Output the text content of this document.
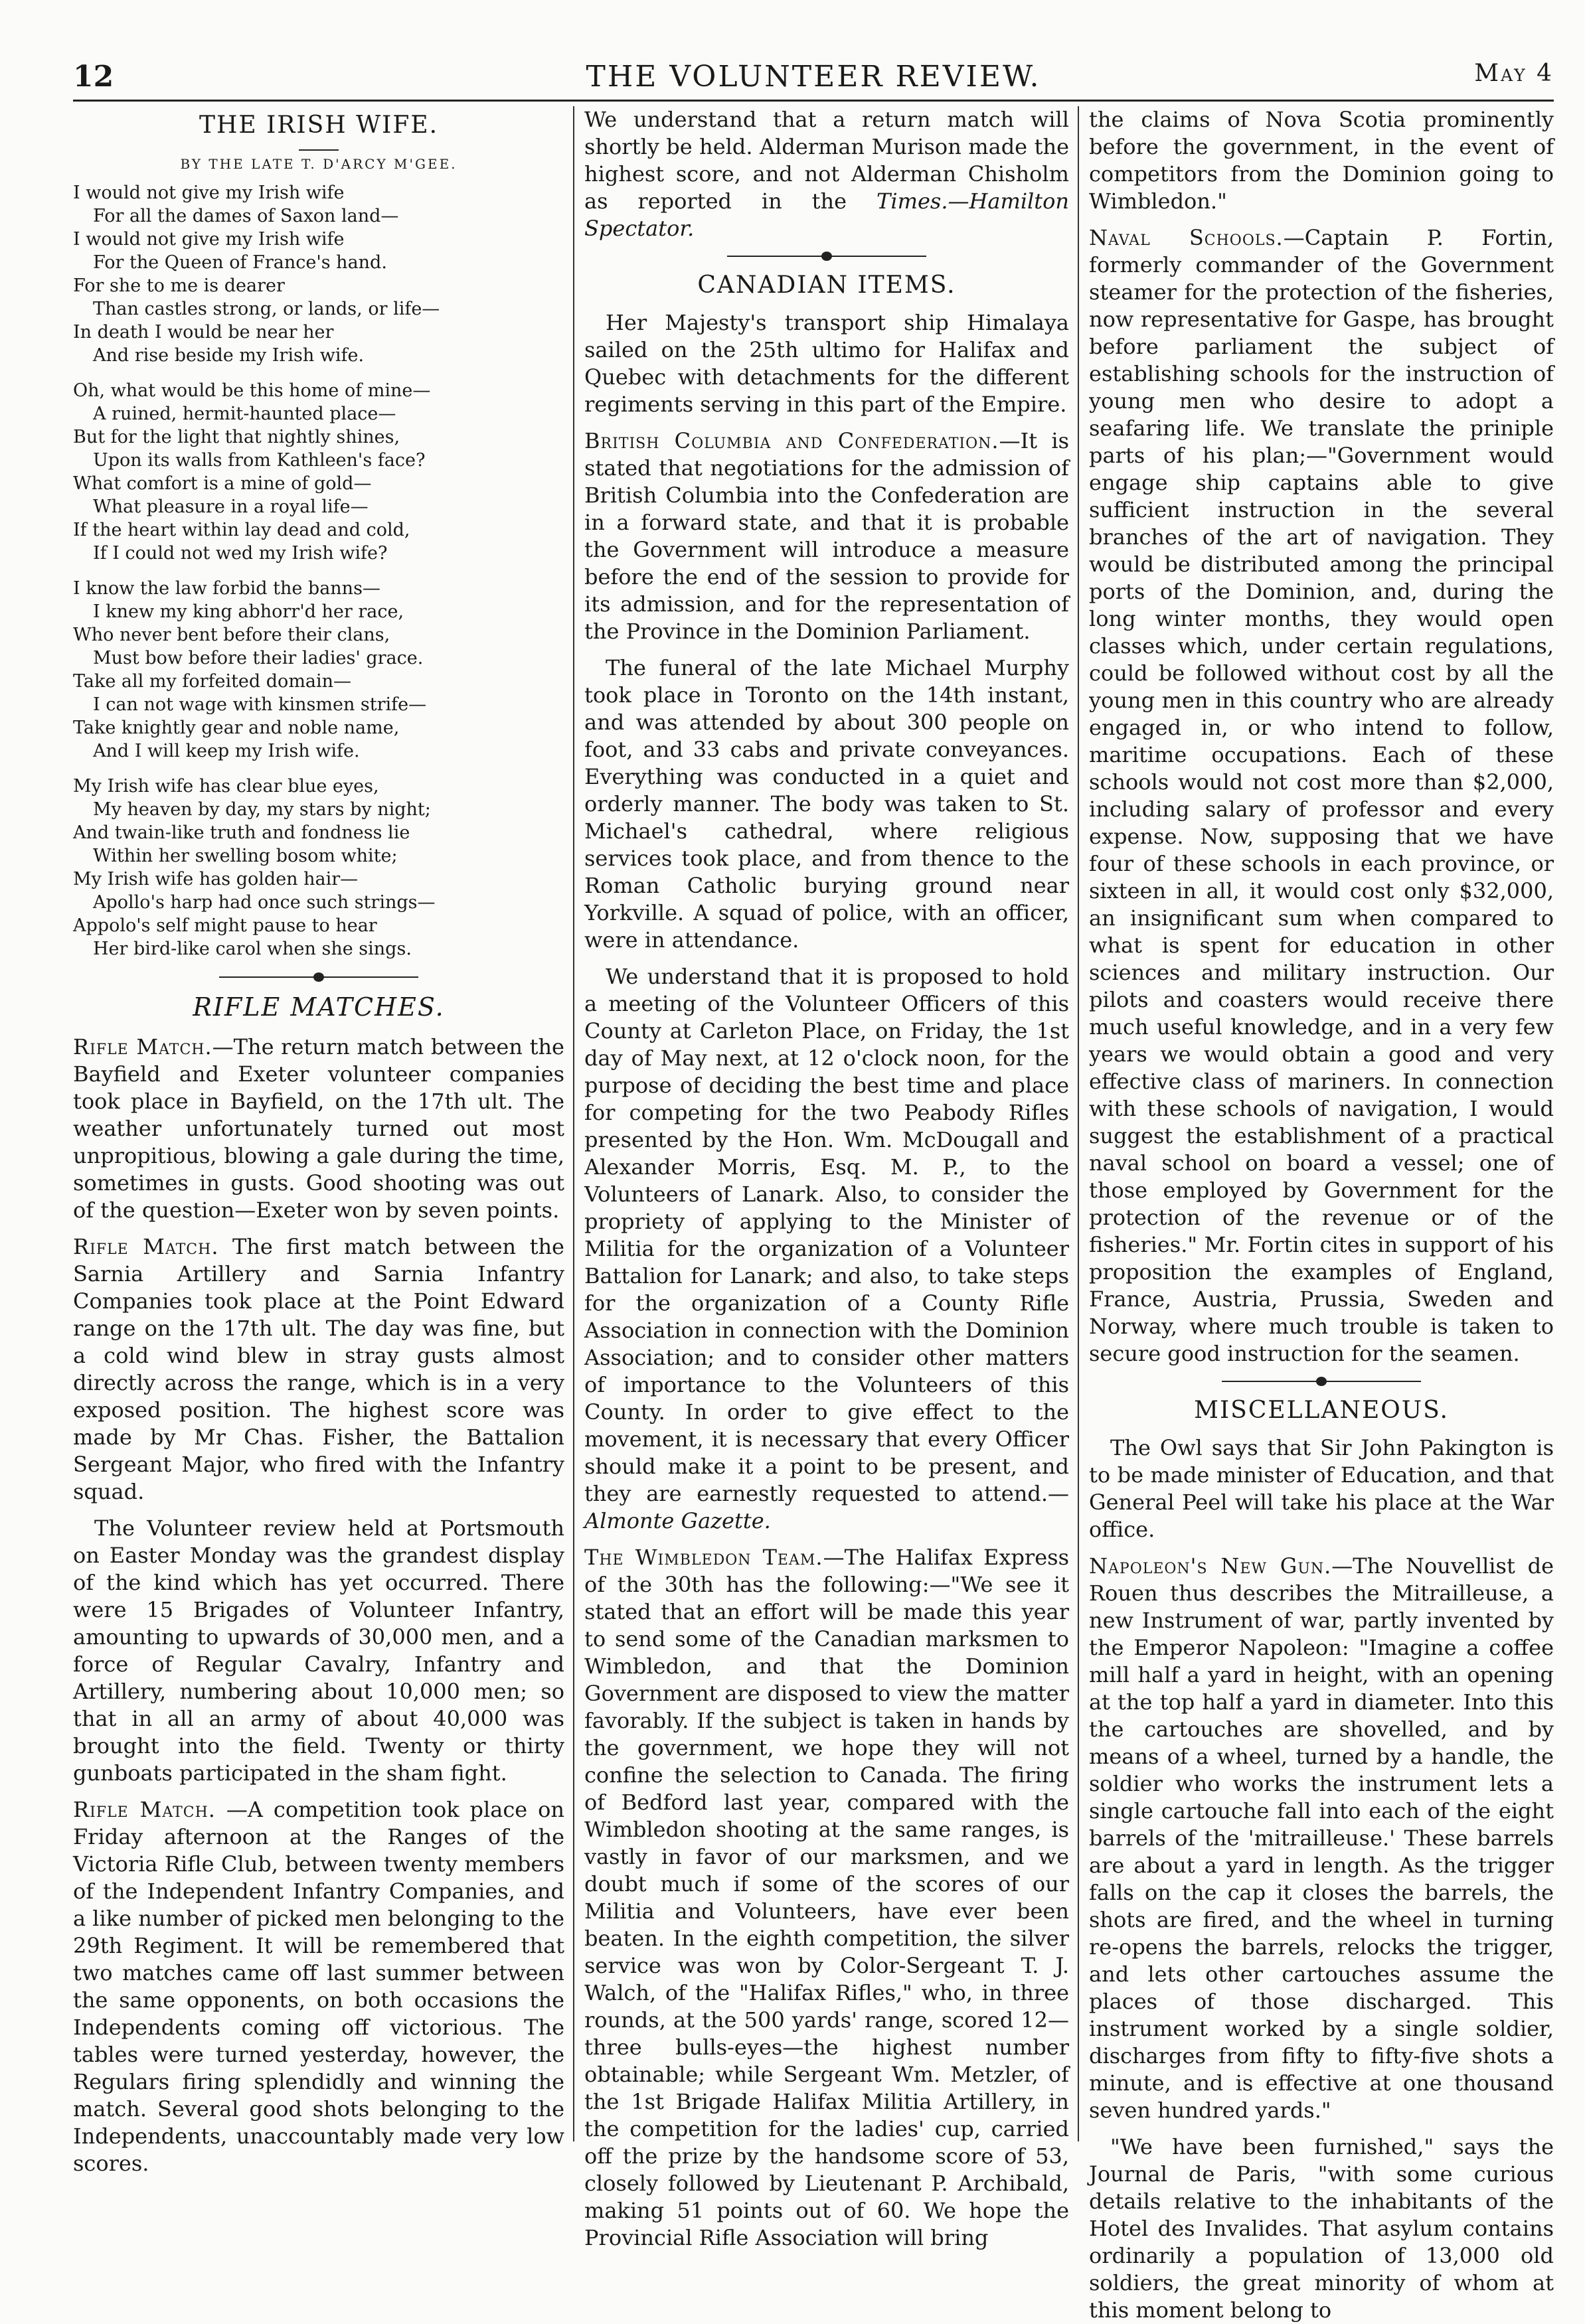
12	THE VOLUNTEER REVIEW.	May 4
THE IRISH WIFE.
BY THE LATE T. D'ARCY M'GEE.
I would not give my Irish wife
For all the dames of Saxon land—
I would not give my Irish wife
For the Queen of France's hand.
For she to me is dearer
Than castles strong, or lands, or life—
In death I would be near her
And rise beside my Irish wife.
Oh, what would be this home of mine—
A ruined, hermit-haunted place—
But for the light that nightly shines,
Upon its walls from Kathleen's face?
What comfort is a mine of gold—
What pleasure in a royal life—
If the heart within lay dead and cold,
If I could not wed my Irish wife?
I know the law forbid the banns—
I knew my king abhorr'd her race,
Who never bent before their clans,
Must bow before their ladies' grace.
Take all my forfeited domain—
I can not wage with kinsmen strife—
Take knightly gear and noble name,
And I will keep my Irish wife.
My Irish wife has clear blue eyes,
My heaven by day, my stars by night;
And twain-like truth and fondness lie
Within her swelling bosom white;
My Irish wife has golden hair—
Apollo's harp had once such strings—
Appolo's self might pause to hear
Her bird-like carol when she sings.
RIFLE MATCHES.

Rifle Match.—The return match between the Bayfield and Exeter volunteer companies took place in Bayfield, on the 17th ult. The weather unfortunately turned out most unpropitious, blowing a gale during the time, sometimes in gusts. Good shooting was out of the question—Exeter won by seven points.

Rifle Match. The first match between the Sarnia Artillery and Sarnia Infantry Companies took place at the Point Edward range on the 17th ult. The day was fine, but a cold wind blew in stray gusts almost directly across the range, which is in a very exposed position. The highest score was made by Mr Chas. Fisher, the Battalion Sergeant Major, who fired with the Infantry squad.

The Volunteer review held at Portsmouth on Easter Monday was the grandest display of the kind which has yet occurred. There were 15 Brigades of Volunteer Infantry, amounting to upwards of 30,000 men, and a force of Regular Cavalry, Infantry and Artillery, numbering about 10,000 men; so that in all an army of about 40,000 was brought into the field. Twenty or thirty gunboats participated in the sham fight.

Rifle Match. —A competition took place on Friday afternoon at the Ranges of the Victoria Rifle Club, between twenty members of the Independent Infantry Companies, and a like number of picked men belonging to the 29th Regiment. It will be remembered that two matches came off last summer between the same opponents, on both occasions the Independents coming off victorious. The tables were turned yesterday, however, the Regulars firing splendidly and winning the match. Several good shots belonging to the Independents, unaccountably made very low scores.

We understand that a return match will shortly be held. Alderman Murison made the highest score, and not Alderman Chisholm as reported in the Times.—Hamilton Spectator.

CANADIAN ITEMS.

Her Majesty's transport ship Himalaya sailed on the 25th ultimo for Halifax and Quebec with detachments for the different regiments serving in this part of the Empire.

British Columbia and Confederation.—It is stated that negotiations for the admission of British Columbia into the Confederation are in a forward state, and that it is probable the Government will introduce a measure before the end of the session to provide for its admission, and for the representation of the Province in the Dominion Parliament.

The funeral of the late Michael Murphy took place in Toronto on the 14th instant, and was attended by about 300 people on foot, and 33 cabs and private conveyances. Everything was conducted in a quiet and orderly manner. The body was taken to St. Michael's cathedral, where religious services took place, and from thence to the Roman Catholic burying ground near Yorkville. A squad of police, with an officer, were in attendance.

We understand that it is proposed to hold a meeting of the Volunteer Officers of this County at Carleton Place, on Friday, the 1st day of May next, at 12 o'clock noon, for the purpose of deciding the best time and place for competing for the two Peabody Rifles presented by the Hon. Wm. McDougall and Alexander Morris, Esq. M. P., to the Volunteers of Lanark. Also, to consider the propriety of applying to the Minister of Militia for the organization of a Volunteer Battalion for Lanark; and also, to take steps for the organization of a County Rifle Association in connection with the Dominion Association; and to consider other matters of importance to the Volunteers of this County. In order to give effect to the movement, it is necessary that every Officer should make it a point to be present, and they are earnestly requested to attend.—Almonte Gazette.

The Wimbledon Team.—The Halifax Express of the 30th has the following:—"We see it stated that an effort will be made this year to send some of the Canadian marksmen to Wimbledon, and that the Dominion Government are disposed to view the matter favorably. If the subject is taken in hands by the government, we hope they will not confine the selection to Canada. The firing of Bedford last year, compared with the Wimbledon shooting at the same ranges, is vastly in favor of our marksmen, and we doubt much if some of the scores of our Militia and Volunteers, have ever been beaten. In the eighth competition, the silver service was won by Color-Sergeant T. J. Walch, of the "Halifax Rifles," who, in three rounds, at the 500 yards' range, scored 12—three bulls-eyes—the highest number obtainable; while Sergeant Wm. Metzler, of the 1st Brigade Halifax Militia Artillery, in the competition for the ladies' cup, carried off the prize by the handsome score of 53, closely followed by Lieutenant P. Archibald, making 51 points out of 60. We hope the Provincial Rifle Association will bring

the claims of Nova Scotia prominently before the government, in the event of competitors from the Dominion going to Wimbledon."

Naval Schools.—Captain P. Fortin, formerly commander of the Government steamer for the protection of the fisheries, now representative for Gaspe, has brought before parliament the subject of establishing schools for the instruction of young men who desire to adopt a seafaring life. We translate the priniple parts of his plan;—"Government would engage ship captains able to give sufficient instruction in the several branches of the art of navigation. They would be distributed among the principal ports of the Dominion, and, during the long winter months, they would open classes which, under certain regulations, could be followed without cost by all the young men in this country who are already engaged in, or who intend to follow, maritime occupations. Each of these schools would not cost more than $2,000, including salary of professor and every expense. Now, supposing that we have four of these schools in each province, or sixteen in all, it would cost only $32,000, an insignificant sum when compared to what is spent for education in other sciences and military instruction. Our pilots and coasters would receive there much useful knowledge, and in a very few years we would obtain a good and very effective class of mariners. In connection with these schools of navigation, I would suggest the establishment of a practical naval school on board a vessel; one of those employed by Government for the protection of the revenue or of the fisheries." Mr. Fortin cites in support of his proposition the examples of England, France, Austria, Prussia, Sweden and Norway, where much trouble is taken to secure good instruction for the seamen.

MISCELLANEOUS.

The Owl says that Sir John Pakington is to be made minister of Education, and that General Peel will take his place at the War office.

Napoleon's New Gun.—The Nouvellist de Rouen thus describes the Mitrailleuse, a new Instrument of war, partly invented by the Emperor Napoleon: "Imagine a coffee mill half a yard in height, with an opening at the top half a yard in diameter. Into this the cartouches are shovelled, and by means of a wheel, turned by a handle, the soldier who works the instrument lets a single cartouche fall into each of the eight barrels of the 'mitrailleuse.' These barrels are about a yard in length. As the trigger falls on the cap it closes the barrels, the shots are fired, and the wheel in turning re-opens the barrels, relocks the trigger, and lets other cartouches assume the places of those discharged. This instrument worked by a single soldier, discharges from fifty to fifty-five shots a minute, and is effective at one thousand seven hundred yards."

"We have been furnished," says the Journal de Paris, "with some curious details relative to the inhabitants of the Hotel des Invalides. That asylum contains ordinarily a population of 13,000 old soldiers, the great minority of whom at this moment belong to
